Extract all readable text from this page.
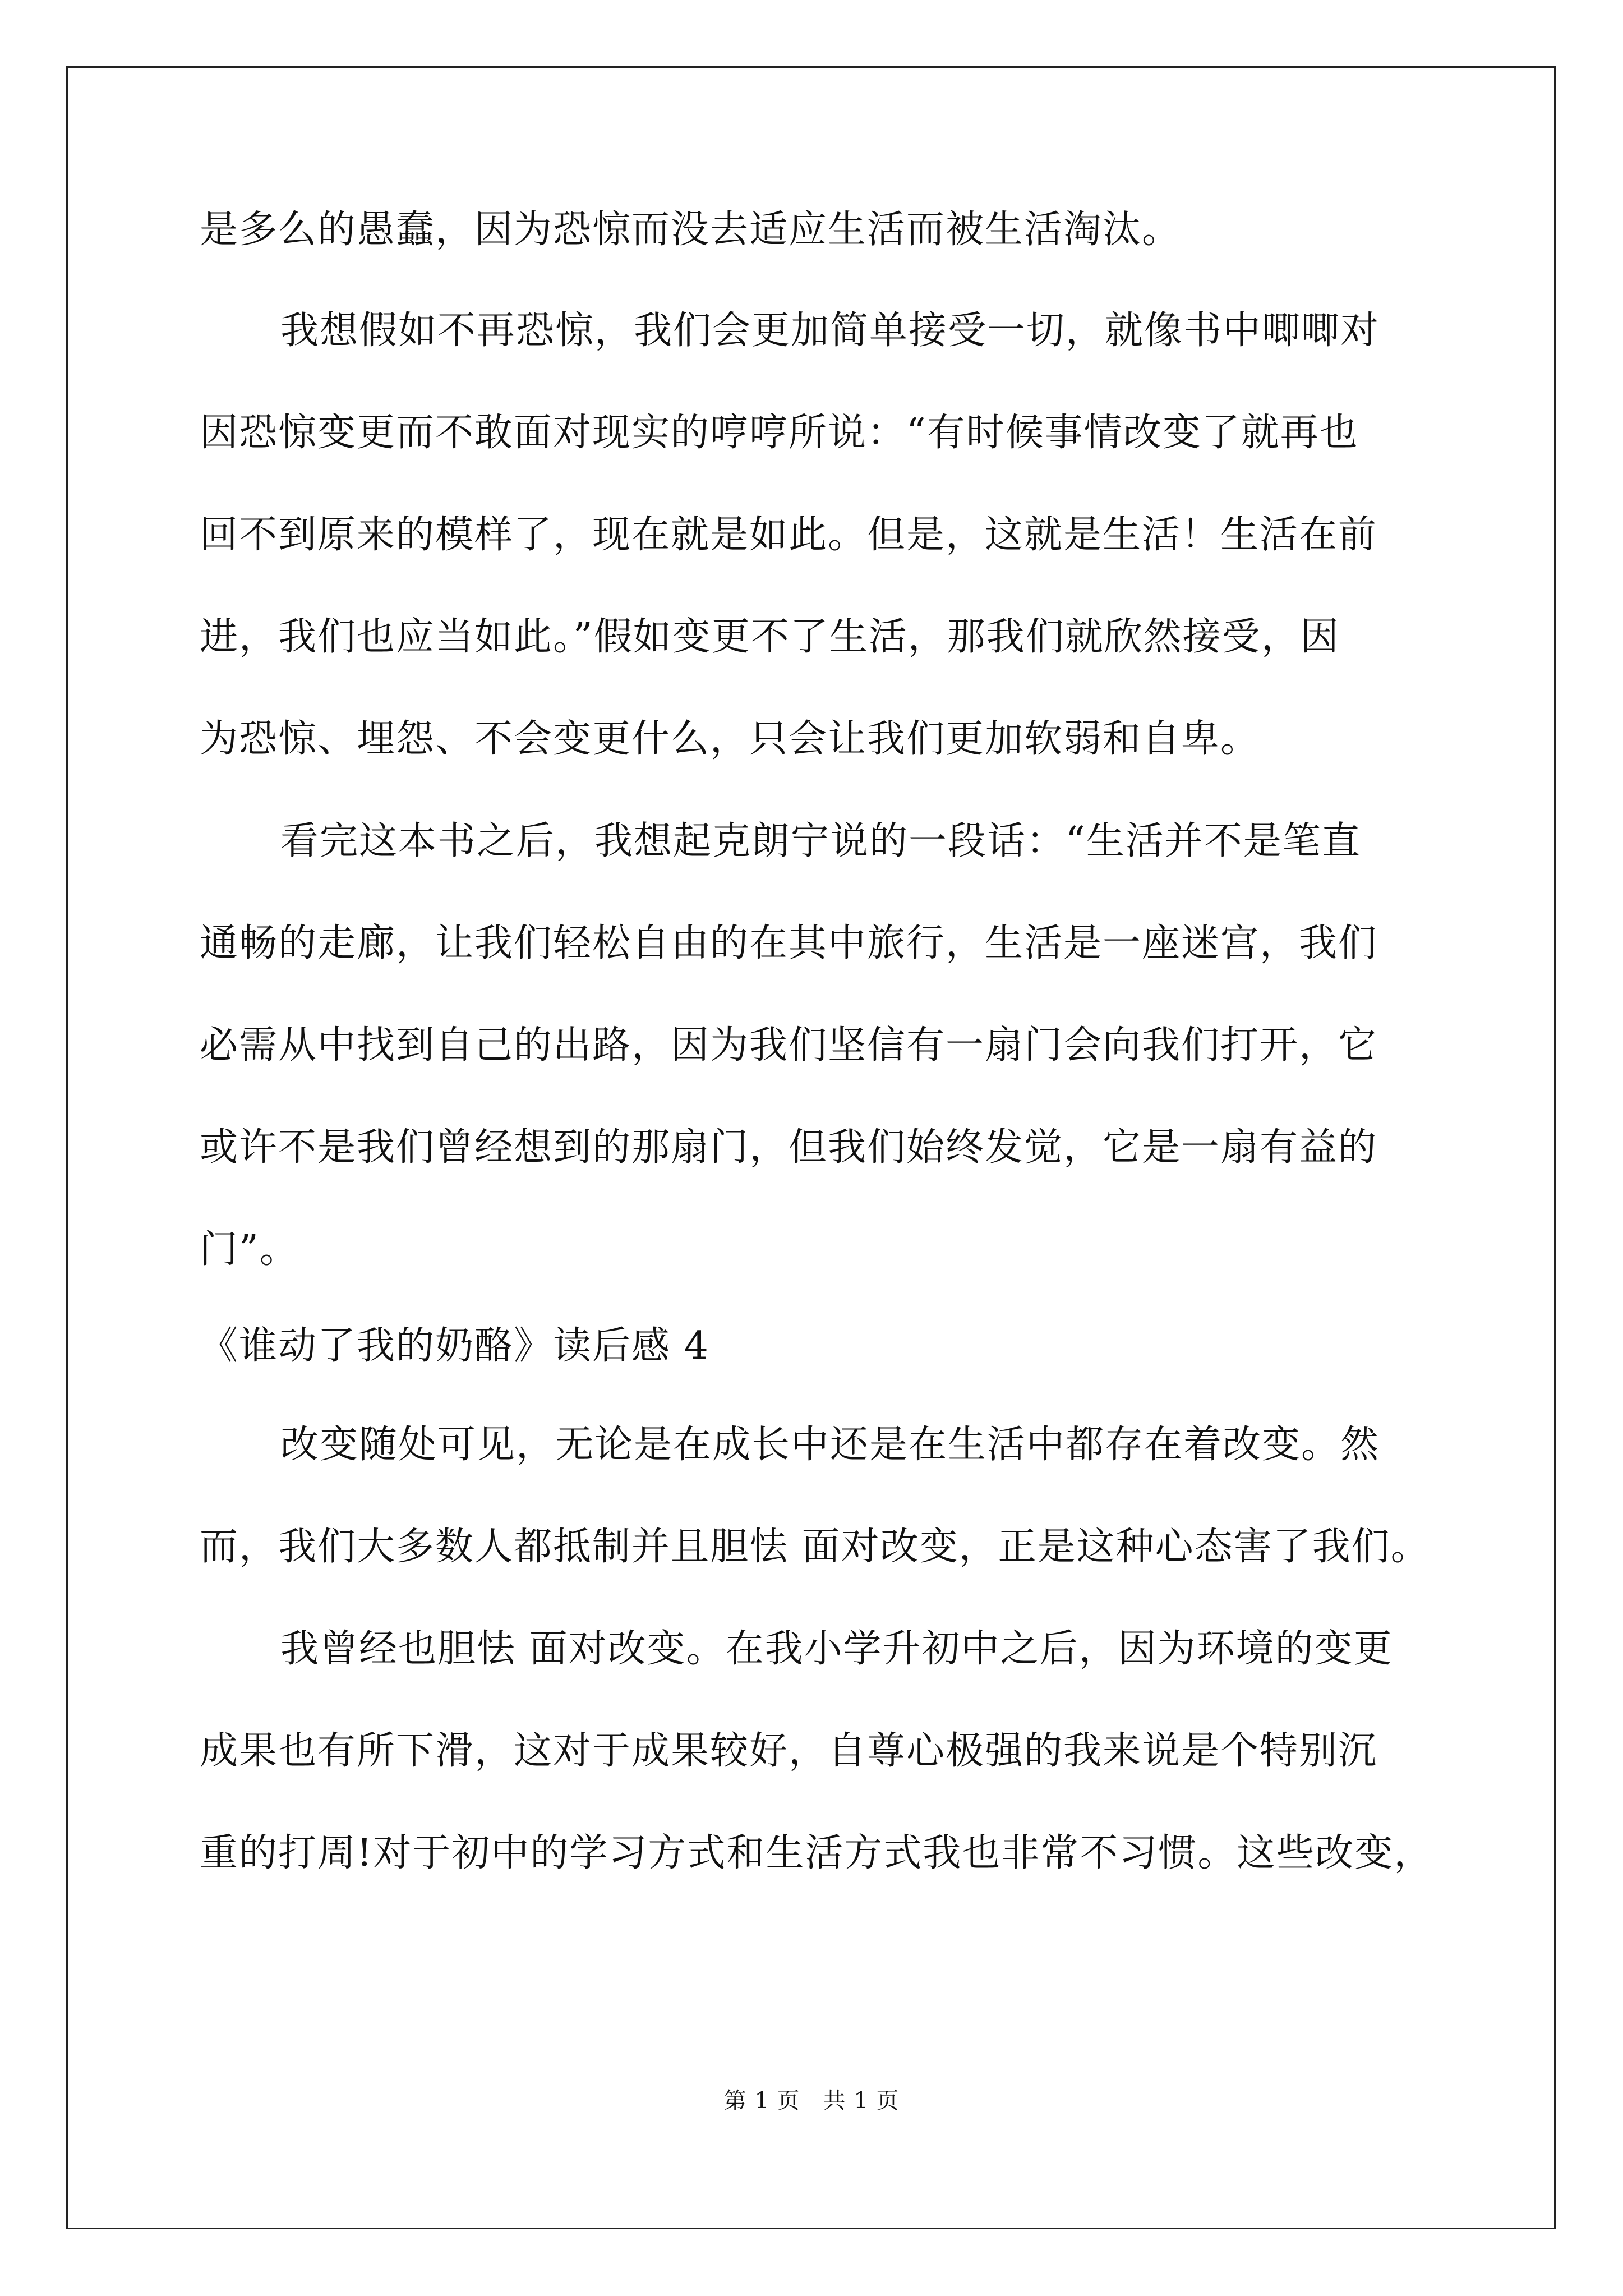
是多么的愚蠢，因为恐惊而没去适应生活而被生活淘汰。
我想假如不再恐惊，我们会更加简单接受一切，就像书中唧唧对
因恐惊变更而不敢面对现实的哼哼所说：“有时候事情改变了就再也
回不到原来的模样了，现在就是如此。但是，这就是生活！生活在前
进，我们也应当如此。”假如变更不了生活，那我们就欣然接受，因
为恐惊、埋怨、不会变更什么，只会让我们更加软弱和自卑。
看完这本书之后，我想起克朗宁说的一段话：“生活并不是笔直
通畅的走廊，让我们轻松自由的在其中旅行，生活是一座迷宫，我们
必需从中找到自己的出路，因为我们坚信有一扇门会向我们打开，它
或许不是我们曾经想到的那扇门，但我们始终发觉，它是一扇有益的
门”。
《谁动了我的奶酪》读后感 4
改变随处可见，无论是在成长中还是在生活中都存在着改变。然
而，我们大多数人都抵制并且胆怯 面对改变，正是这种心态害了我们。
我曾经也胆怯 面对改变。在我小学升初中之后，因为环境的变更
成果也有所下滑，这对于成果较好，自尊心极强的我来说是个特别沉
重的打周!对于初中的学习方式和生活方式我也非常不习惯。这些改变，
第 1 页　共 1 页
